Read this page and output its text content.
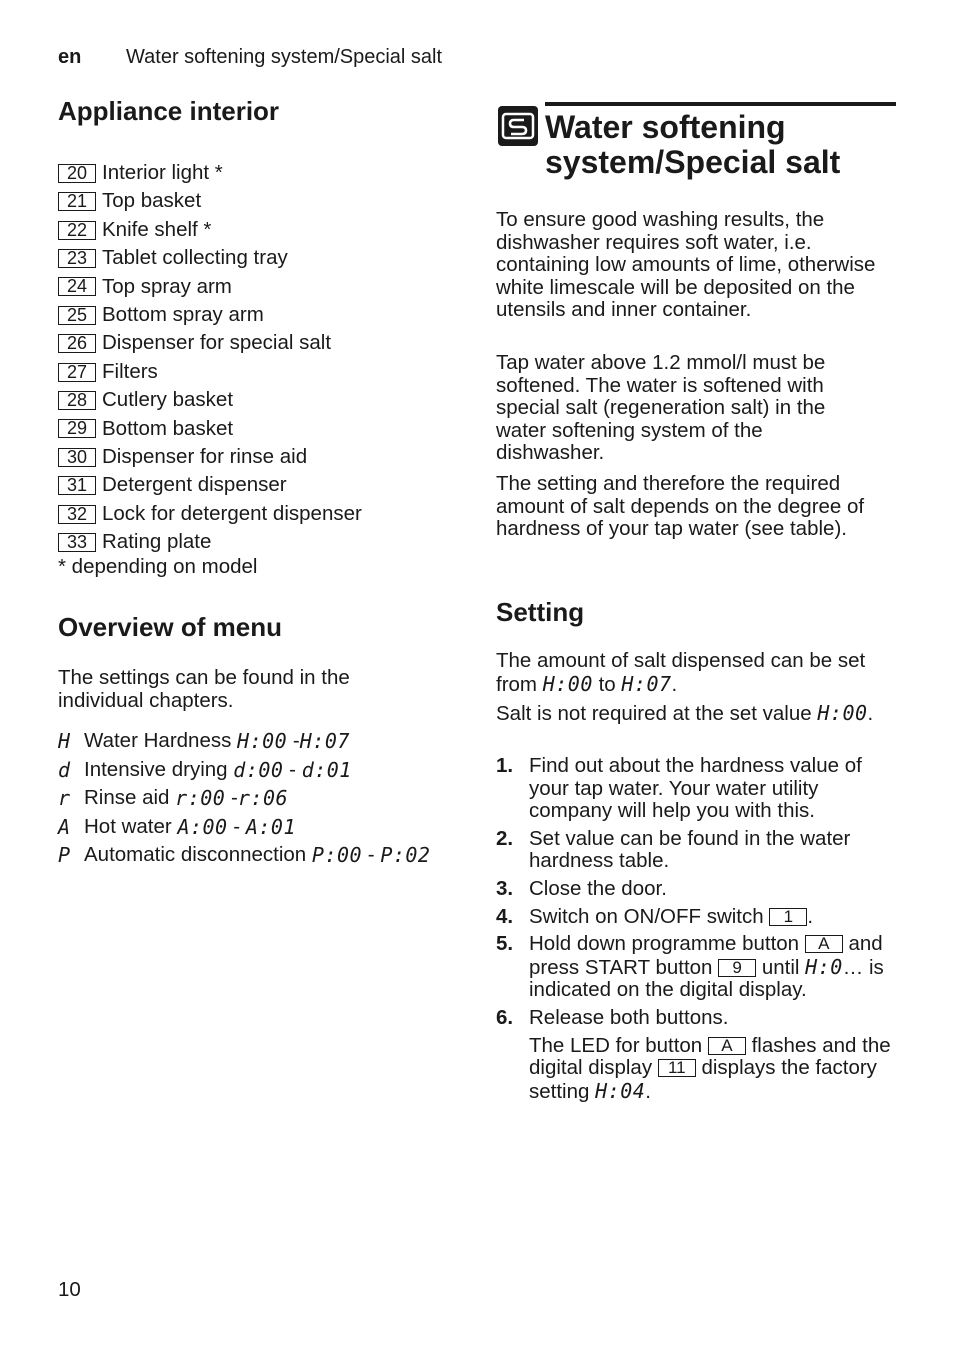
en Water softening system/Special salt
Appliance interior
20 Interior light *
21 Top basket
22 Knife shelf *
23 Tablet collecting tray
24 Top spray arm
25 Bottom spray arm
26 Dispenser for special salt
27 Filters
28 Cutlery basket
29 Bottom basket
30 Dispenser for rinse aid
31 Detergent dispenser
32 Lock for detergent dispenser
33 Rating plate
* depending on model
Overview of menu

The settings can be found in the individual chapters.

H Water Hardness
H:00 - H:07
d Intensive drying
d:00 - d:01
r Rinse aid
r:00 - r:06
A Hot water
A:00 - A:01
P Automatic disconnection
P:00 - P:02
Water softening
system/Special salt

To ensure good washing results, the dishwasher requires soft water, i.e. containing low amounts of lime, otherwise white limescale will be deposited on the utensils and inner container.

Tap water above 1.2 mmol/l must be softened. The water is softened with special salt (regeneration salt) in the water softening system of the dishwasher.

The setting and therefore the required amount of salt depends on the degree of hardness of your tap water (see table).

Setting

The amount of salt dispensed can be set from H:00 to H:07.

Salt is not required at the set value H:00.

1. Find out about the hardness value of your tap water. Your water utility company will help you with this.
2. Set value can be found in the water hardness table.
3. Close the door.
4. Switch on ON/OFF switch 1 .
5. Hold down programme button A and press START button 9 until H:0… is indicated on the digital display.
6. Release both buttons.
The LED for button A flashes and the digital display 11 displays the factory setting H:04.
10
